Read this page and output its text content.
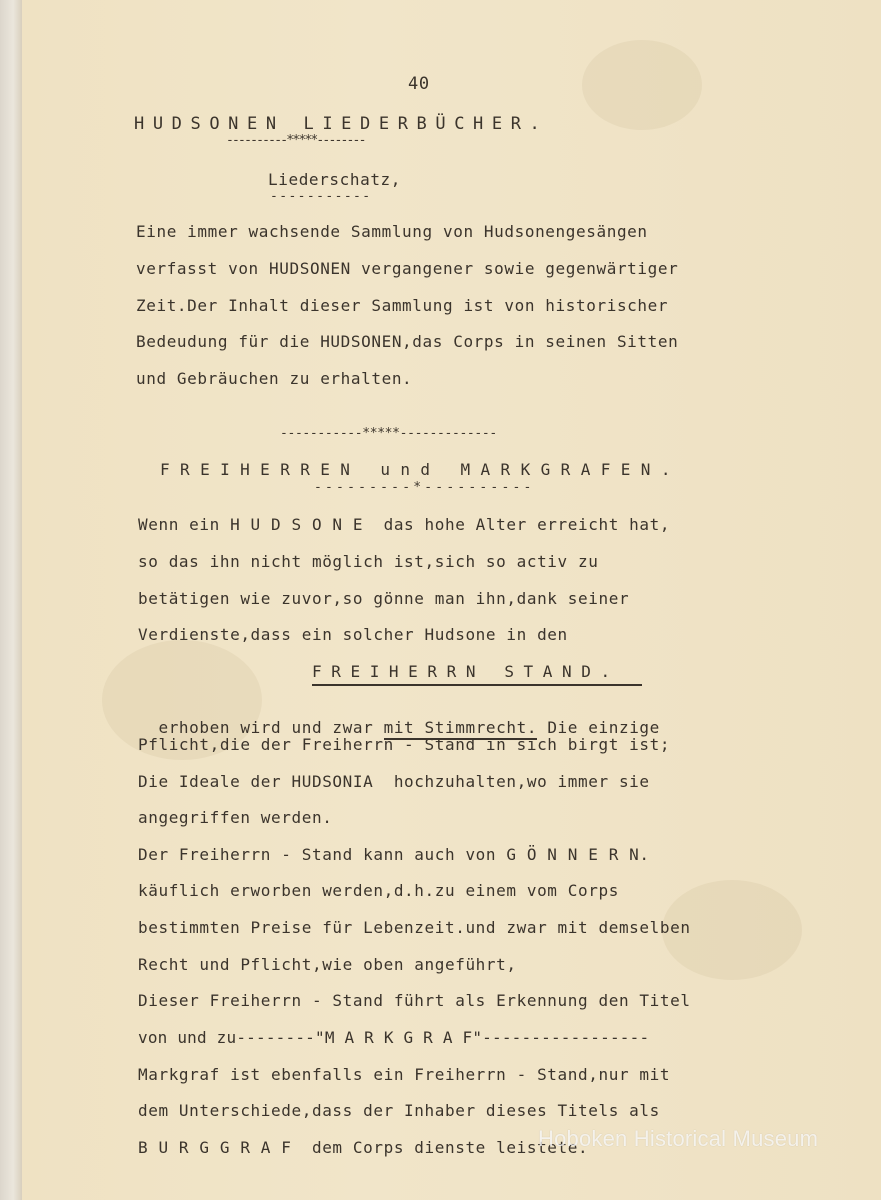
40
HUDSONEN LIEDERBÜCHER.
----------*****--------
Liederschatz,
-----------
Eine immer wachsende Sammlung von Hudsonengesängen
verfasst von HUDSONEN vergangener sowie gegenwärtiger
Zeit.Der Inhalt dieser Sammlung ist von historischer
Bedeudung für die HUDSONEN,das Corps in seinen Sitten
und Gebräuchen zu erhalten.
-----------*****-------------
FREIHERREN und MARKGRAFEN.
---------*----------
Wenn ein H U D S O N E  das hohe Alter erreicht hat,
so das ihn nicht möglich ist,sich so activ zu
betätigen wie zuvor,so gönne man ihn,dank seiner
Verdienste,dass ein solcher Hudsone in den
FREIHERRN STAND.

erhoben wird und zwar mit Stimmrecht. Die einzige

Pflicht,die der Freiherrn - Stand in sich birgt ist;
Die Ideale der HUDSONIA  hochzuhalten,wo immer sie
angegriffen werden.
Der Freiherrn - Stand kann auch von G Ö N N E R N.
käuflich erworben werden,d.h.zu einem vom Corps
bestimmten Preise für Lebenzeit.und zwar mit demselben
Recht und Pflicht,wie oben angeführt,
Dieser Freiherrn - Stand führt als Erkennung den Titel
von und zu--------"M A R K G R A F"-----------------
Markgraf ist ebenfalls ein Freiherrn - Stand,nur mit
dem Unterschiede,dass der Inhaber dieses Titels als
B U R G G R A F  dem Corps dienste leistete.
Hoboken Historical Museum
